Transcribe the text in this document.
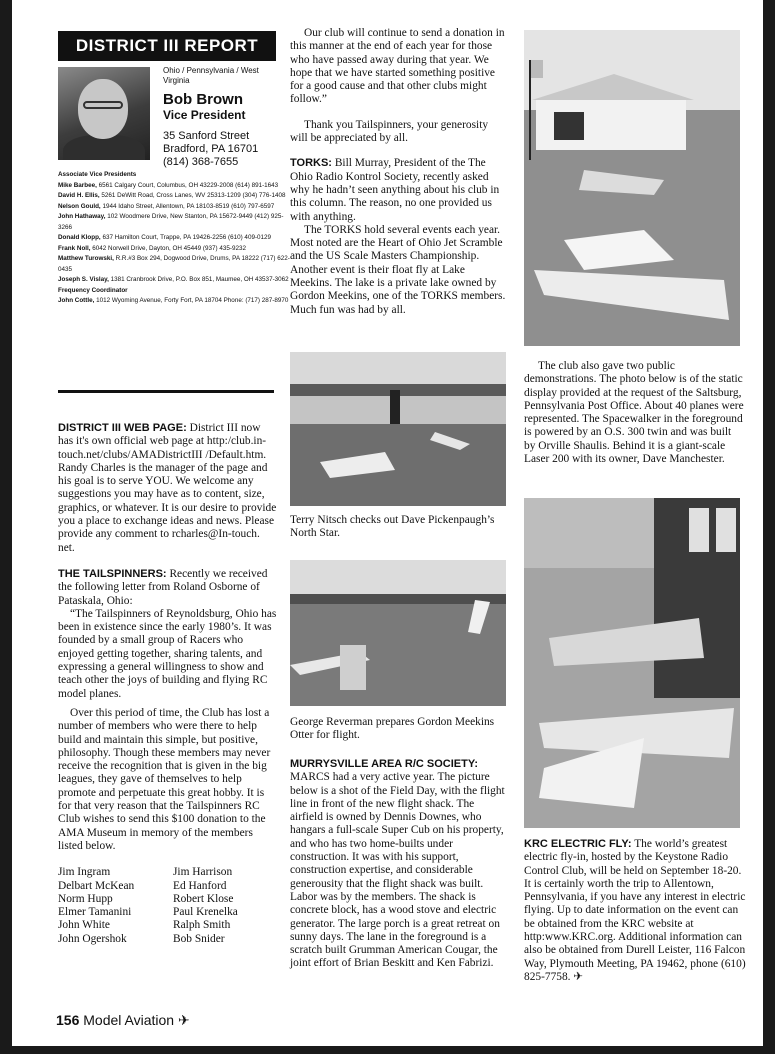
DISTRICT III REPORT
Ohio / Pennsylvania / West Virginia
Bob Brown
Vice President
35 Sanford Street
Bradford, PA 16701
(814) 368-7655
Associate Vice Presidents
Mike Barbee, 6561 Calgary Court, Columbus, OH 43229-2008 (614) 891-1643
David H. Ellis, 5261 DeWitt Road, Cross Lanes, WV 25313-1209 (304) 776-1408
Nelson Gould, 1944 Idaho Street, Allentown, PA 18103-8519 (610) 797-6597
John Hathaway, 102 Woodmere Drive, New Stanton, PA 15672-9449 (412) 925-3266
Donald Klopp, 637 Hamilton Court, Trappe, PA 19426-2256 (610) 409-0129
Frank Noll, 6042 Norwell Drive, Dayton, OH 45449 (937) 435-9232
Matthew Turowski, R.R.#3 Box 294, Dogwood Drive, Drums, PA 18222 (717) 622-0435
Joseph S. Vislay, 1381 Cranbrook Drive, P.O. Box 851, Maumee, OH 43537-3062
Frequency Coordinator
John Cottle, 1012 Wyoming Avenue, Forty Fort, PA 18704 Phone: (717) 287-8970

DISTRICT III WEB PAGE: District III now has it's own official web page at http:/club.in-touch.net/clubs/AMADistrictIII /Default.htm. Randy Charles is the manager of the page and his goal is to serve YOU. We welcome any suggestions you may have as to content, size, graphics, or whatever. It is our desire to provide you a place to exchange ideas and news. Please provide any comment to rcharles@In-touch. net.

THE TAILSPINNERS: Recently we received the following letter from Roland Osborne of Pataskala, Ohio:

“The Tailspinners of Reynoldsburg, Ohio has been in existence since the early 1980’s. It was founded by a small group of Racers who enjoyed getting together, sharing talents, and expressing a general willingness to show and teach other the joys of building and flying RC model planes.

Over this period of time, the Club has lost a number of members who were there to help build and maintain this simple, but positive, philosophy. Though these members may never receive the recognition that is given in the big leagues, they gave of themselves to help promote and perpetuate this great hobby. It is for that very reason that the Tailspinners RC Club wishes to send this $100 donation to the AMA Museum in memory of the members listed below.

Jim Ingram	Jim Harrison
Delbart McKean	Ed Hanford
Norm Hupp	Robert Klose
Elmer Tamanini	Paul Krenelka
John White	Ralph Smith
John Ogershok	Bob Snider

Our club will continue to send a donation in this manner at the end of each year for those who have passed away during that year. We hope that we have started something positive for a good cause and that other clubs might follow.”

Thank you Tailspinners, your generosity will be appreciated by all.

TORKS: Bill Murray, President of the The Ohio Radio Kontrol Society, recently asked why he hadn’t seen anything about his club in this column. The reason, no one provided us with anything.

The TORKS hold several events each year. Most noted are the Heart of Ohio Jet Scramble and the US Scale Masters Championship. Another event is their float fly at Lake Meekins. The lake is a private lake owned by Gordon Meekins, one of the TORKS members. Much fun was had by all.

Terry Nitsch checks out Dave Pickenpaugh’s North Star.
George Reverman prepares Gordon Meekins Otter for flight.

MURRYSVILLE AREA R/C SOCIETY: MARCS had a very active year. The picture below is a shot of the Field Day, with the flight line in front of the new flight shack. The airfield is owned by Dennis Downes, who hangars a full-scale Super Cub on his property, and who has two home-builts under construction. It was with his support, construction expertise, and considerable generousity that the flight shack was built. Labor was by the members. The shack is concrete block, has a wood stove and electric generator. The large porch is a great retreat on sunny days. The lane in the foreground is a scratch built Grumman American Cougar, the joint effort of Brian Beskitt and Ken Fabrizi.

The club also gave two public demonstrations. The photo below is of the static display provided at the request of the Saltsburg, Pennsylvania Post Office. About 40 planes were represented. The Spacewalker in the foreground is powered by an O.S. 300 twin and was built by Orville Shaulis. Behind it is a giant-scale Laser 200 with its owner, Dave Manchester.

KRC ELECTRIC FLY: The world’s greatest electric fly-in, hosted by the Keystone Radio Control Club, will be held on September 18-20. It is certainly worth the trip to Allentown, Pennsylvania, if you have any interest in electric flying. Up to date information on the event can be obtained from the KRC website at http:www.KRC.org. Additional information can also be obtained from Durell Leister, 116 Falcon Way, Plymouth Meeting, PA 19462, phone (610) 825-7758. ✈

156 Model Aviation ✈
